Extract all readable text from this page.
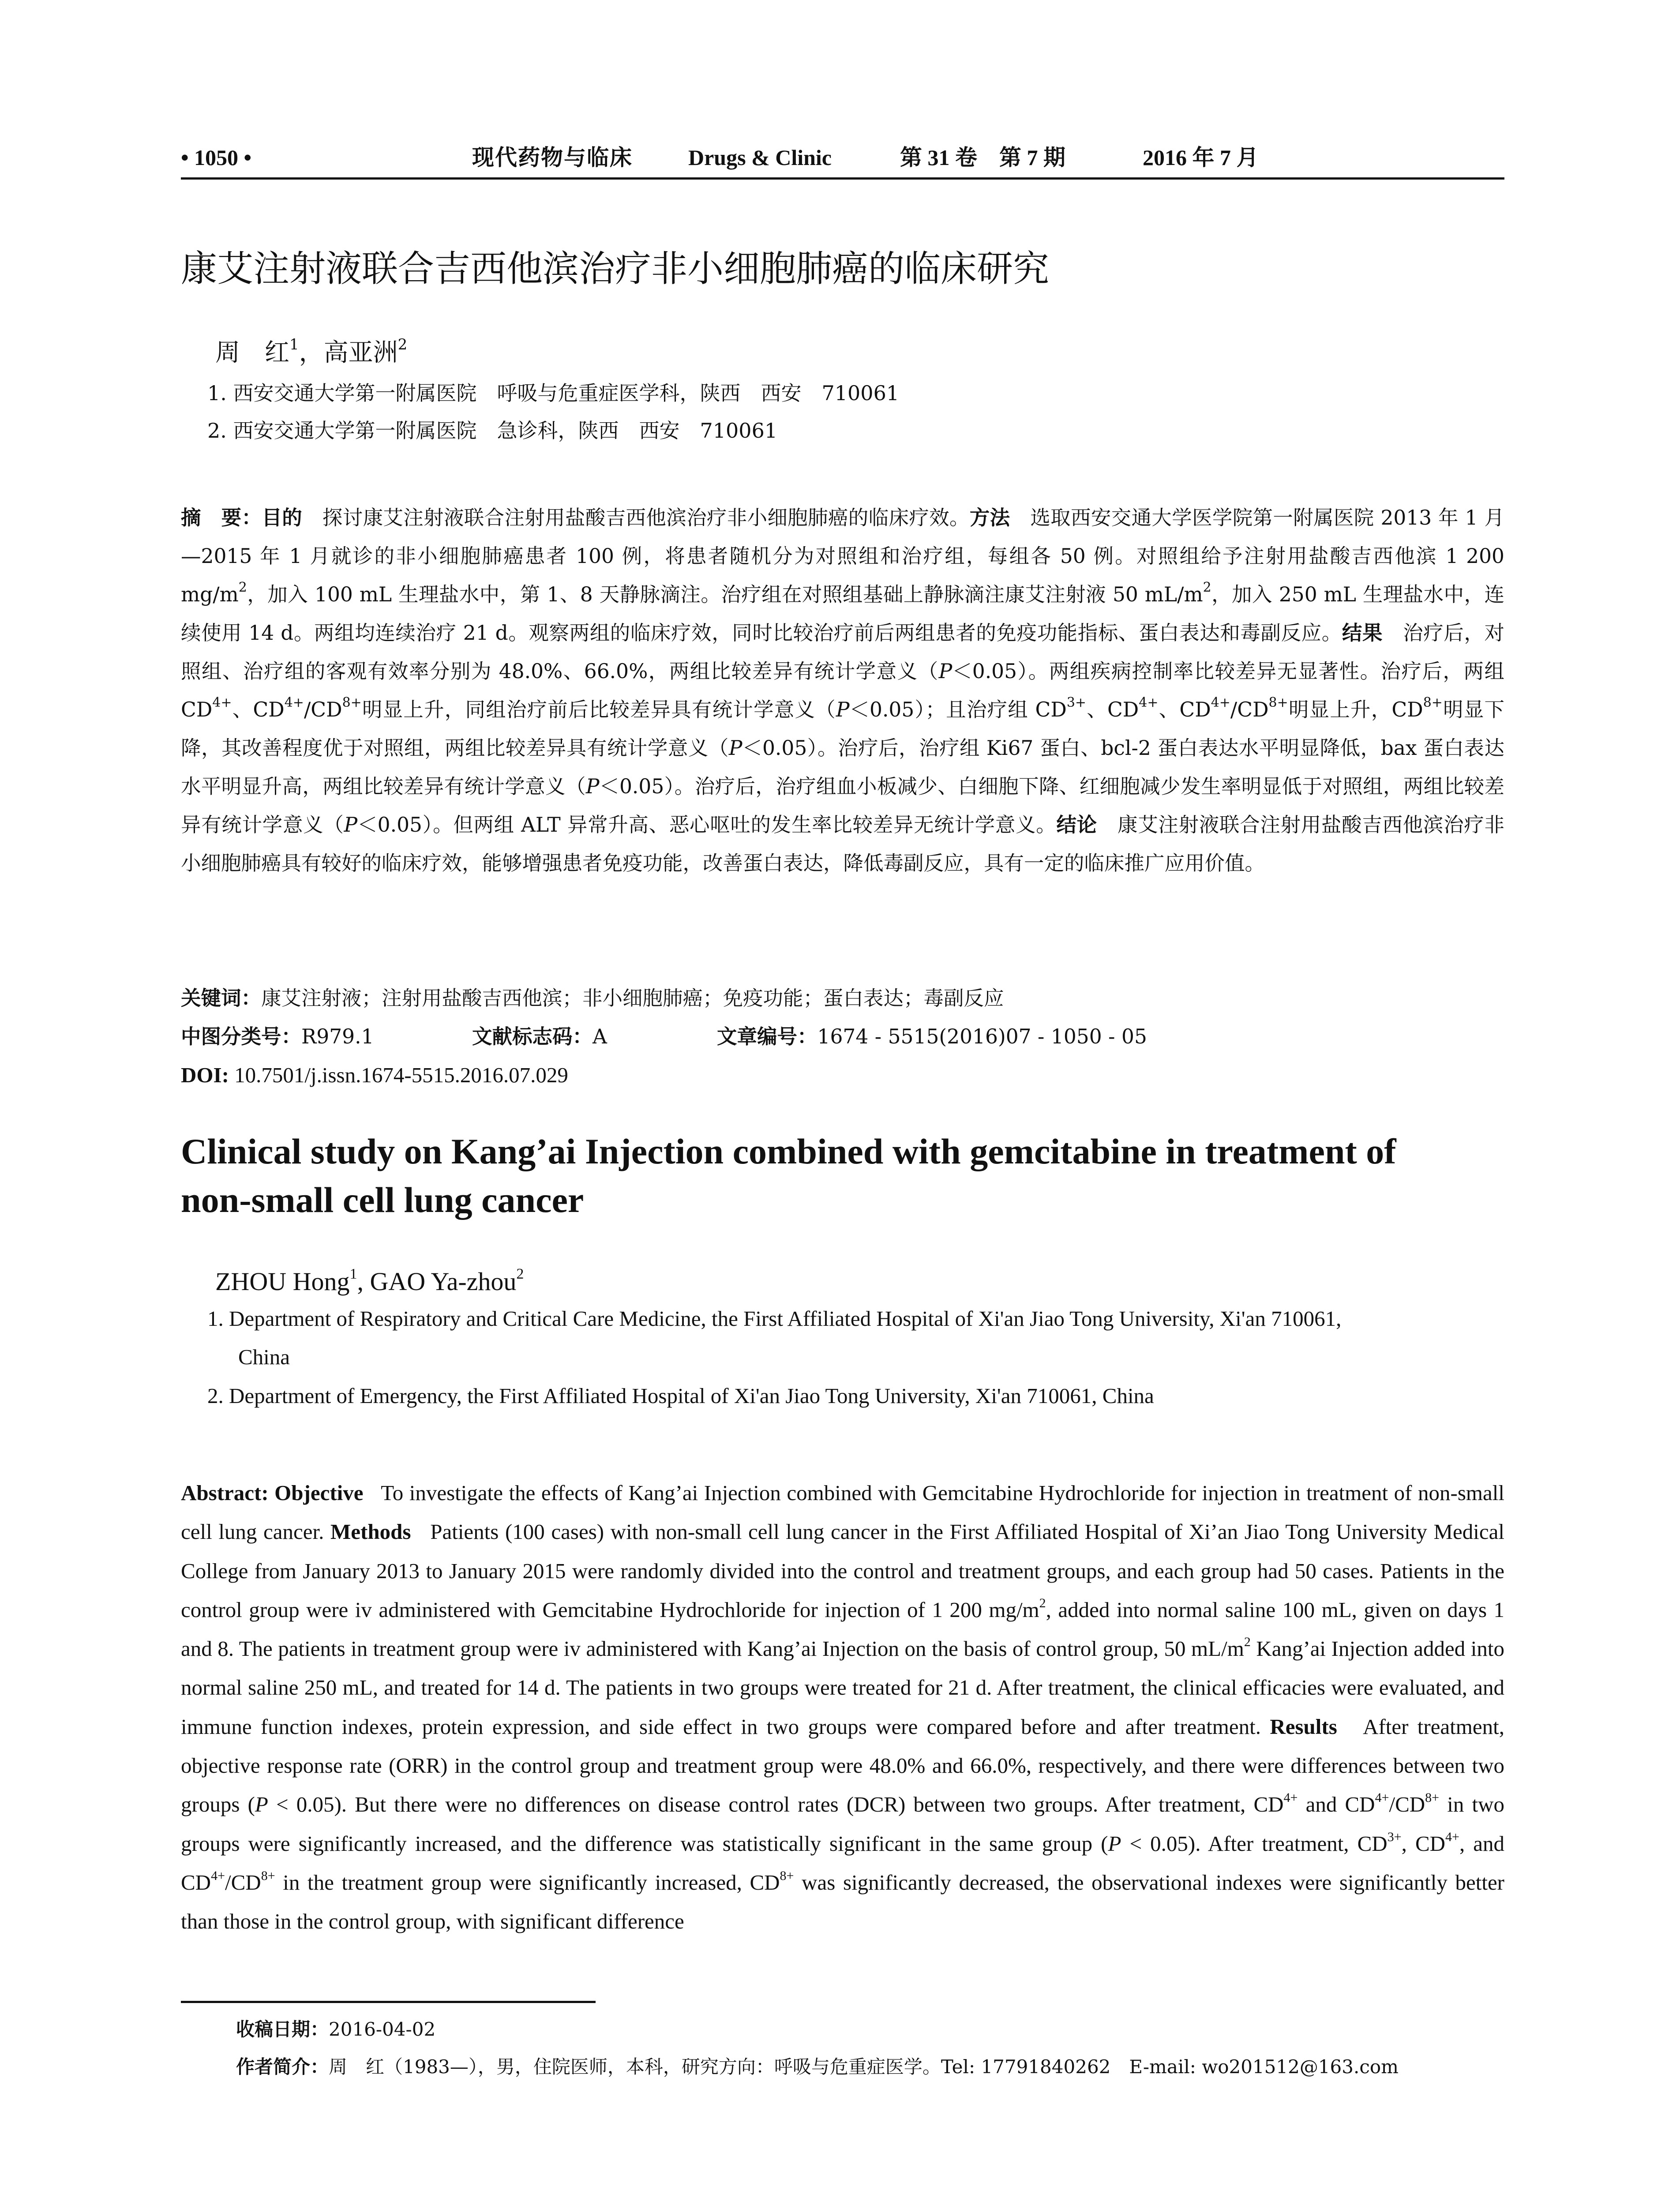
• 1050 •	现代药物与临床	Drugs & Clinic	第 31 卷　第 7 期	2016 年 7 月
康艾注射液联合吉西他滨治疗非小细胞肺癌的临床研究
周　红$^1$，高亚洲$^2$
1. 西安交通大学第一附属医院　呼吸与危重症医学科，陕西　西安　710061
2. 西安交通大学第一附属医院　急诊科，陕西　西安　710061

摘　要：目的　 探讨康艾注射液联合注射用盐酸吉西他滨治疗非小细胞肺癌的临床疗效。方法　 选取西安交通大学医学院第一附属医院 2013 年 1 月—2015 年 1 月就诊的非小细胞肺癌患者 100 例，将患者随机分为对照组和治疗组，每组各 50 例。对照组给予注射用盐酸吉西他滨 1 200 $mg/m^2$，加入 100 mL 生理盐水中，第 1、8 天静脉滴注。治疗组在对照组基础上静脉滴注康艾注射液 50 $mL/m^2$，加入 250 mL 生理盐水中，连续使用 14 d。两组均连续治疗 21 d。观察两组的临床疗效，同时比较治疗前后两组患者的免疫功能指标、蛋白表达和毒副反应。结果　 治疗后，对照组、治疗组的客观有效率分别为 48.0%、66.0%，两组比较差异有统计学意义（P＜0.05）。两组疾病控制率比较差异无显著性。治疗后，两组 $CD^{4+}$、$CD^{4+}/CD^{8+}$明显上升，同组治疗前后比较差异具有统计学意义（P＜0.05）；且治疗组 $CD^{3+}$、$CD^{4+}$、$CD^{4+}/CD^{8+}$明显上升，$CD^{8+}$明显下降，其改善程度优于对照组，两组比较差异具有统计学意义（P＜0.05）。治疗后，治疗组 Ki67 蛋白、bcl-2 蛋白表达水平明显降低，bax 蛋白表达水平明显升高，两组比较差异有统计学意义（P＜0.05）。治疗后，治疗组血小板减少、白细胞下降、红细胞减少发生率明显低于对照组，两组比较差异有统计学意义（P＜0.05）。但两组 ALT 异常升高、恶心呕吐的发生率比较差异无统计学意义。结论　 康艾注射液联合注射用盐酸吉西他滨治疗非小细胞肺癌具有较好的临床疗效，能够增强患者免疫功能，改善蛋白表达，降低毒副反应，具有一定的临床推广应用价值。

关键词：康艾注射液；注射用盐酸吉西他滨；非小细胞肺癌；免疫功能；蛋白表达；毒副反应
中图分类号：R979.1	文献标志码：A	文章编号：1674 - 5515(2016)07 - 1050 - 05
DOI: 10.7501/j.issn.1674-5515.2016.07.029
Clinical study on Kang’ai Injection combined with gemcitabine in treatment of
non-small cell lung cancer
ZHOU Hong$^1$, GAO Ya-zhou$^2$
1. Department of Respiratory and Critical Care Medicine, the First Affiliated Hospital of Xi'an Jiao Tong University, Xi'an 710061,
China
2. Department of Emergency, the First Affiliated Hospital of Xi'an Jiao Tong University, Xi'an 710061, China

Abstract: Objective To investigate the effects of Kang’ai Injection combined with Gemcitabine Hydrochloride for injection in treatment of non-small cell lung cancer. Methods Patients (100 cases) with non-small cell lung cancer in the First Affiliated Hospital of Xi’an Jiao Tong University Medical College from January 2013 to January 2015 were randomly divided into the control and treatment groups, and each group had 50 cases. Patients in the control group were iv administered with Gemcitabine Hydrochloride for injection of 1 200 $mg/m^2$, added into normal saline 100 mL, given on days 1 and 8. The patients in treatment group were iv administered with Kang’ai Injection on the basis of control group, 50 $mL/m^2$ Kang’ai Injection added into normal saline 250 mL, and treated for 14 d. The patients in two groups were treated for 21 d. After treatment, the clinical efficacies were evaluated, and immune function indexes, protein expression, and side effect in two groups were compared before and after treatment. Results After treatment, objective response rate (ORR) in the control group and treatment group were 48.0% and 66.0%, respectively, and there were differences between two groups (P < 0.05). But there were no differences on disease control rates (DCR) between two groups. After treatment, $CD^{4+}$ and $CD^{4+}/CD^{8+}$ in two groups were significantly increased, and the difference was statistically significant in the same group (P < 0.05). After treatment, $CD^{3+}$, $CD^{4+}$, and $CD^{4+}/CD^{8+}$ in the treatment group were significantly increased, $CD^{8+}$ was significantly decreased, the observational indexes were significantly better than those in the control group, with significant difference

收稿日期：2016-04-02
作者简介：周　红（1983—），男，住院医师，本科，研究方向：呼吸与危重症医学。Tel: 17791840262　E-mail: wo201512@163.com
